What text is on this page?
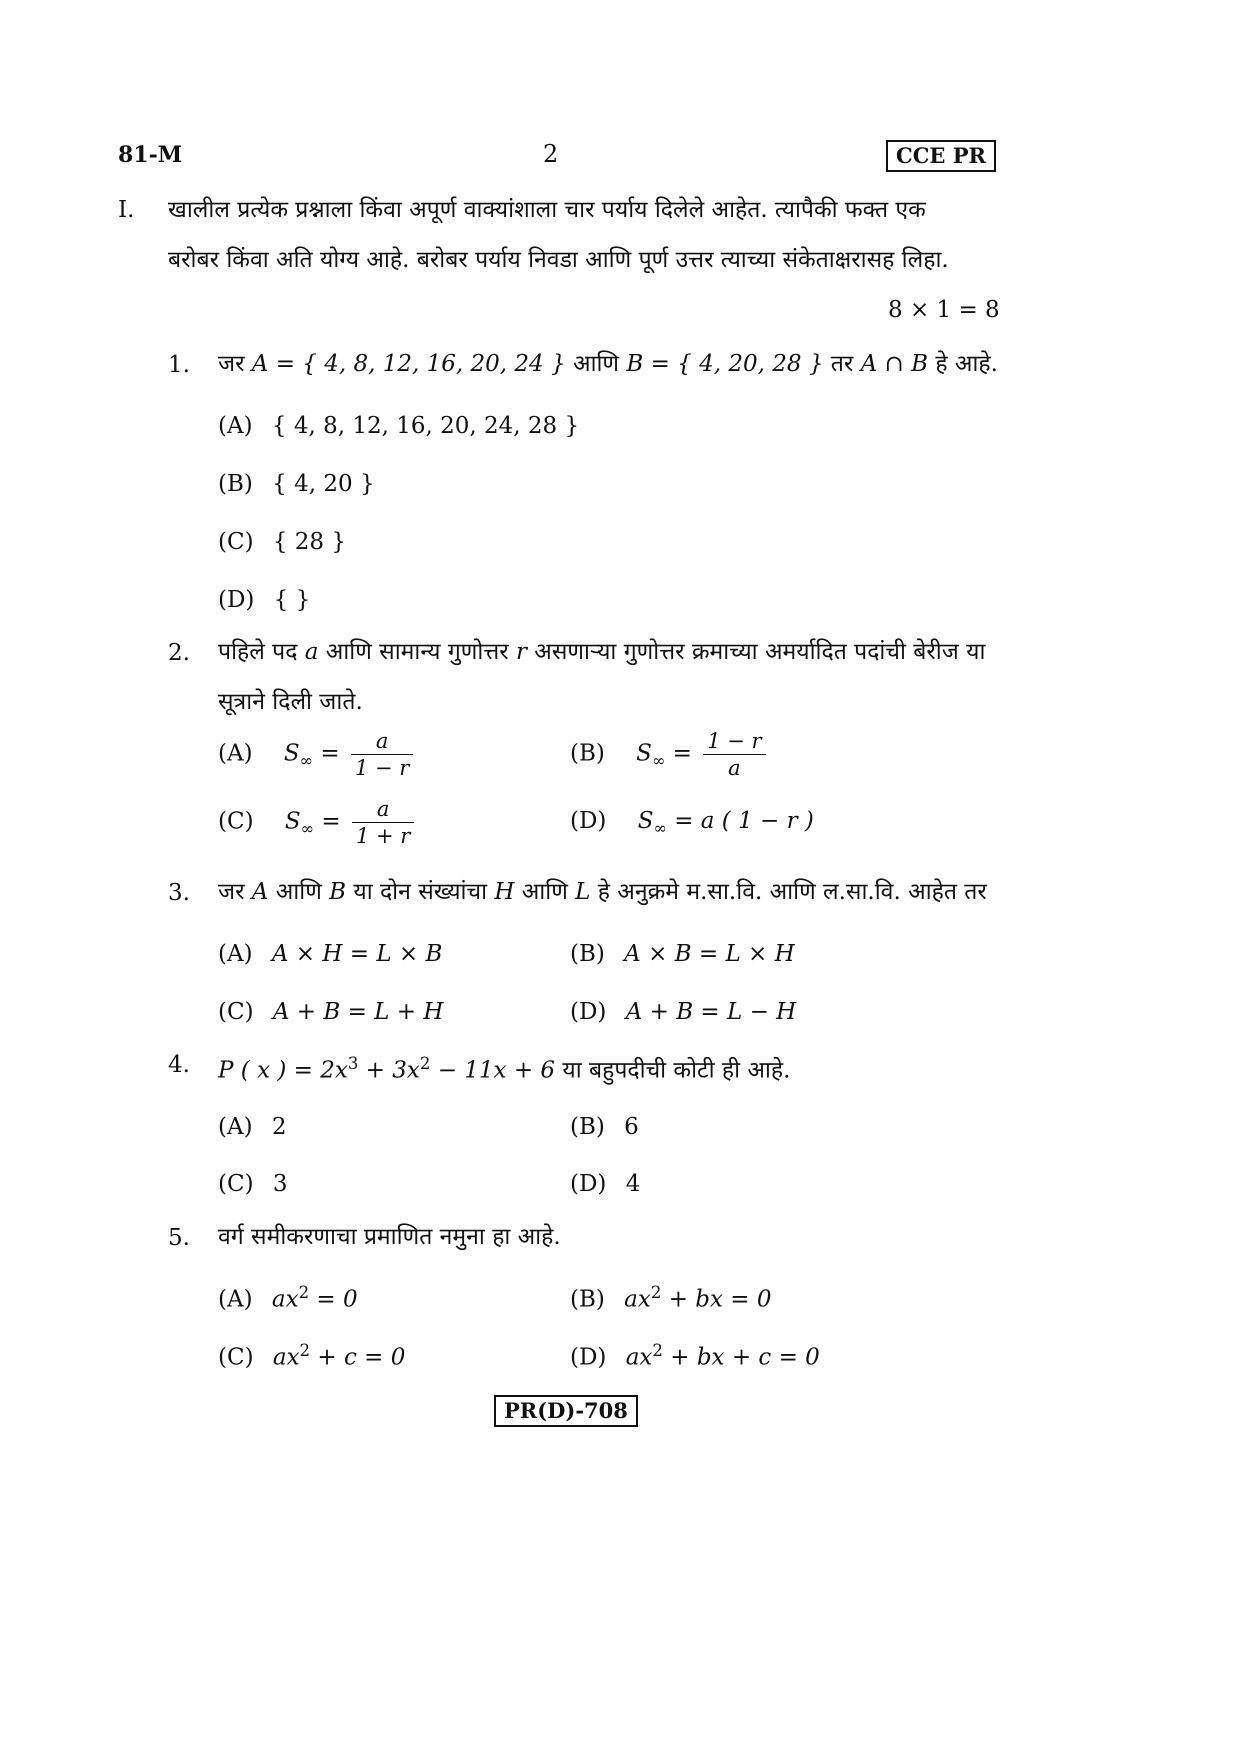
81-M	2	CCE PR
I. खालील प्रत्येक प्रश्नाला किंवा अपूर्ण वाक्यांशाला चार पर्याय दिलेले आहेत. त्यापैकी फक्त एक
बरोबर किंवा अति योग्य आहे. बरोबर पर्याय निवडा आणि पूर्ण उत्तर त्याच्या संकेताक्षरासह लिहा.
8 × 1 = 8
1. जर A = { 4, 8, 12, 16, 20, 24 } आणि B = { 4, 20, 28 } तर A ∩ B हे आहे.
(A) { 4, 8, 12, 16, 20, 24, 28 }
(B) { 4, 20 }
(C) { 28 }
(D) { }
2. पहिले पद a आणि सामान्य गुणोत्तर r असणाऱ्या गुणोत्तर क्रमाच्या अमर्यादित पदांची बेरीज या
सूत्राने दिली जाते.
(A) $S_\infty = \frac{a}{1 - r}$	(B) $S_\infty = \frac{1 - r}{a}$
(C) $S_\infty = \frac{a}{1 + r}$	(D) $S_\infty = a$ ( 1 − r )
3. जर A आणि B या दोन संख्यांचा H आणि L हे अनुक्रमे म.सा.वि. आणि ल.सा.वि. आहेत तर
(A) A × H = L × B	(B) A × B = L × H
(C) A + B = L + H	(D) A + B = L − H
4. P ( x ) = $2x^3 + 3x^2 - 11x + 6$ या बहुपदीची कोटी ही आहे.
(A) 2	(B) 6
(C) 3	(D) 4
5. वर्ग समीकरणाचा प्रमाणित नमुना हा आहे.
(A) $ax^2 = 0$	(B) $ax^2$ + bx = 0
(C) $ax^2 + c = 0$	(D) $ax^2$ + bx + c = 0
PR(D)-708
